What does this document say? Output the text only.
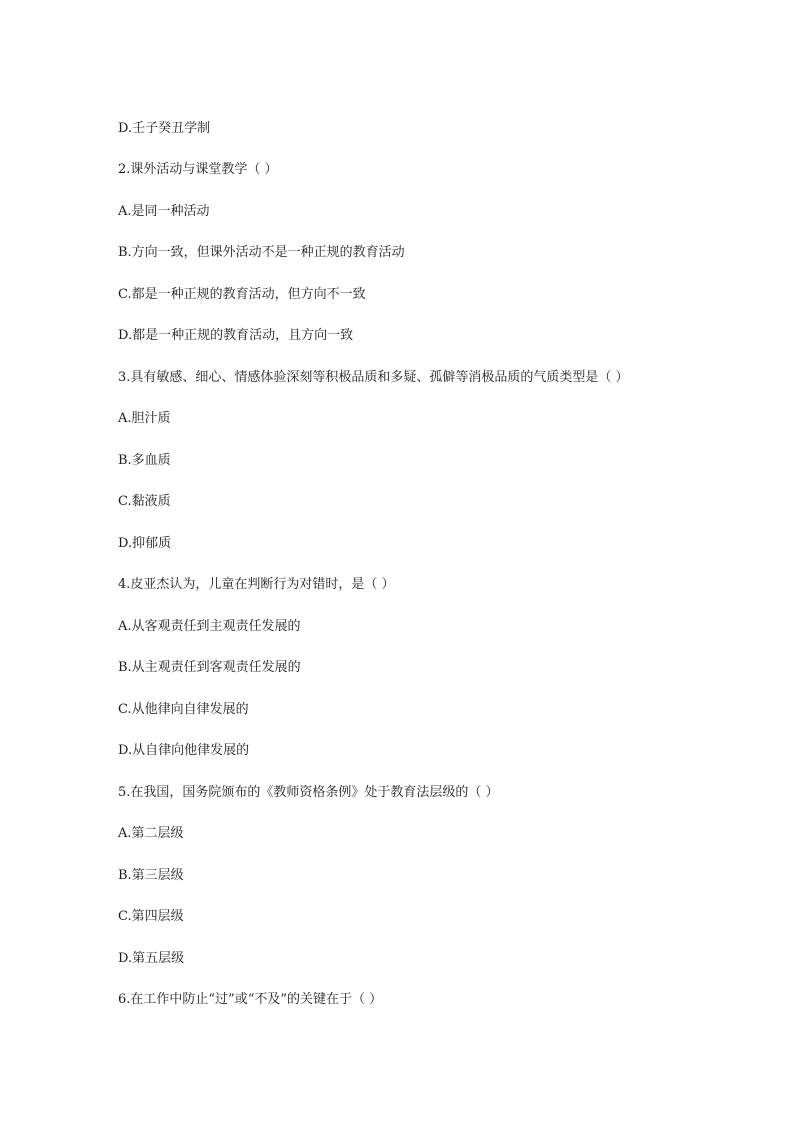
D.壬子癸丑学制
2.课外活动与课堂教学（ ）
A.是同一种活动
B.方向一致，但课外活动不是一种正规的教育活动
C.都是一种正规的教育活动，但方向不一致
D.都是一种正规的教育活动，且方向一致
3.具有敏感、细心、情感体验深刻等积极品质和多疑、孤僻等消极品质的气质类型是（ ）
A.胆汁质
B.多血质
C.黏液质
D.抑郁质
4.皮亚杰认为，儿童在判断行为对错时，是（ ）
A.从客观责任到主观责任发展的
B.从主观责任到客观责任发展的
C.从他律向自律发展的
D.从自律向他律发展的
5.在我国，国务院颁布的《教师资格条例》处于教育法层级的（ ）
A.第二层级
B.第三层级
C.第四层级
D.第五层级
6.在工作中防止“过”或“不及”的关键在于（ ）
